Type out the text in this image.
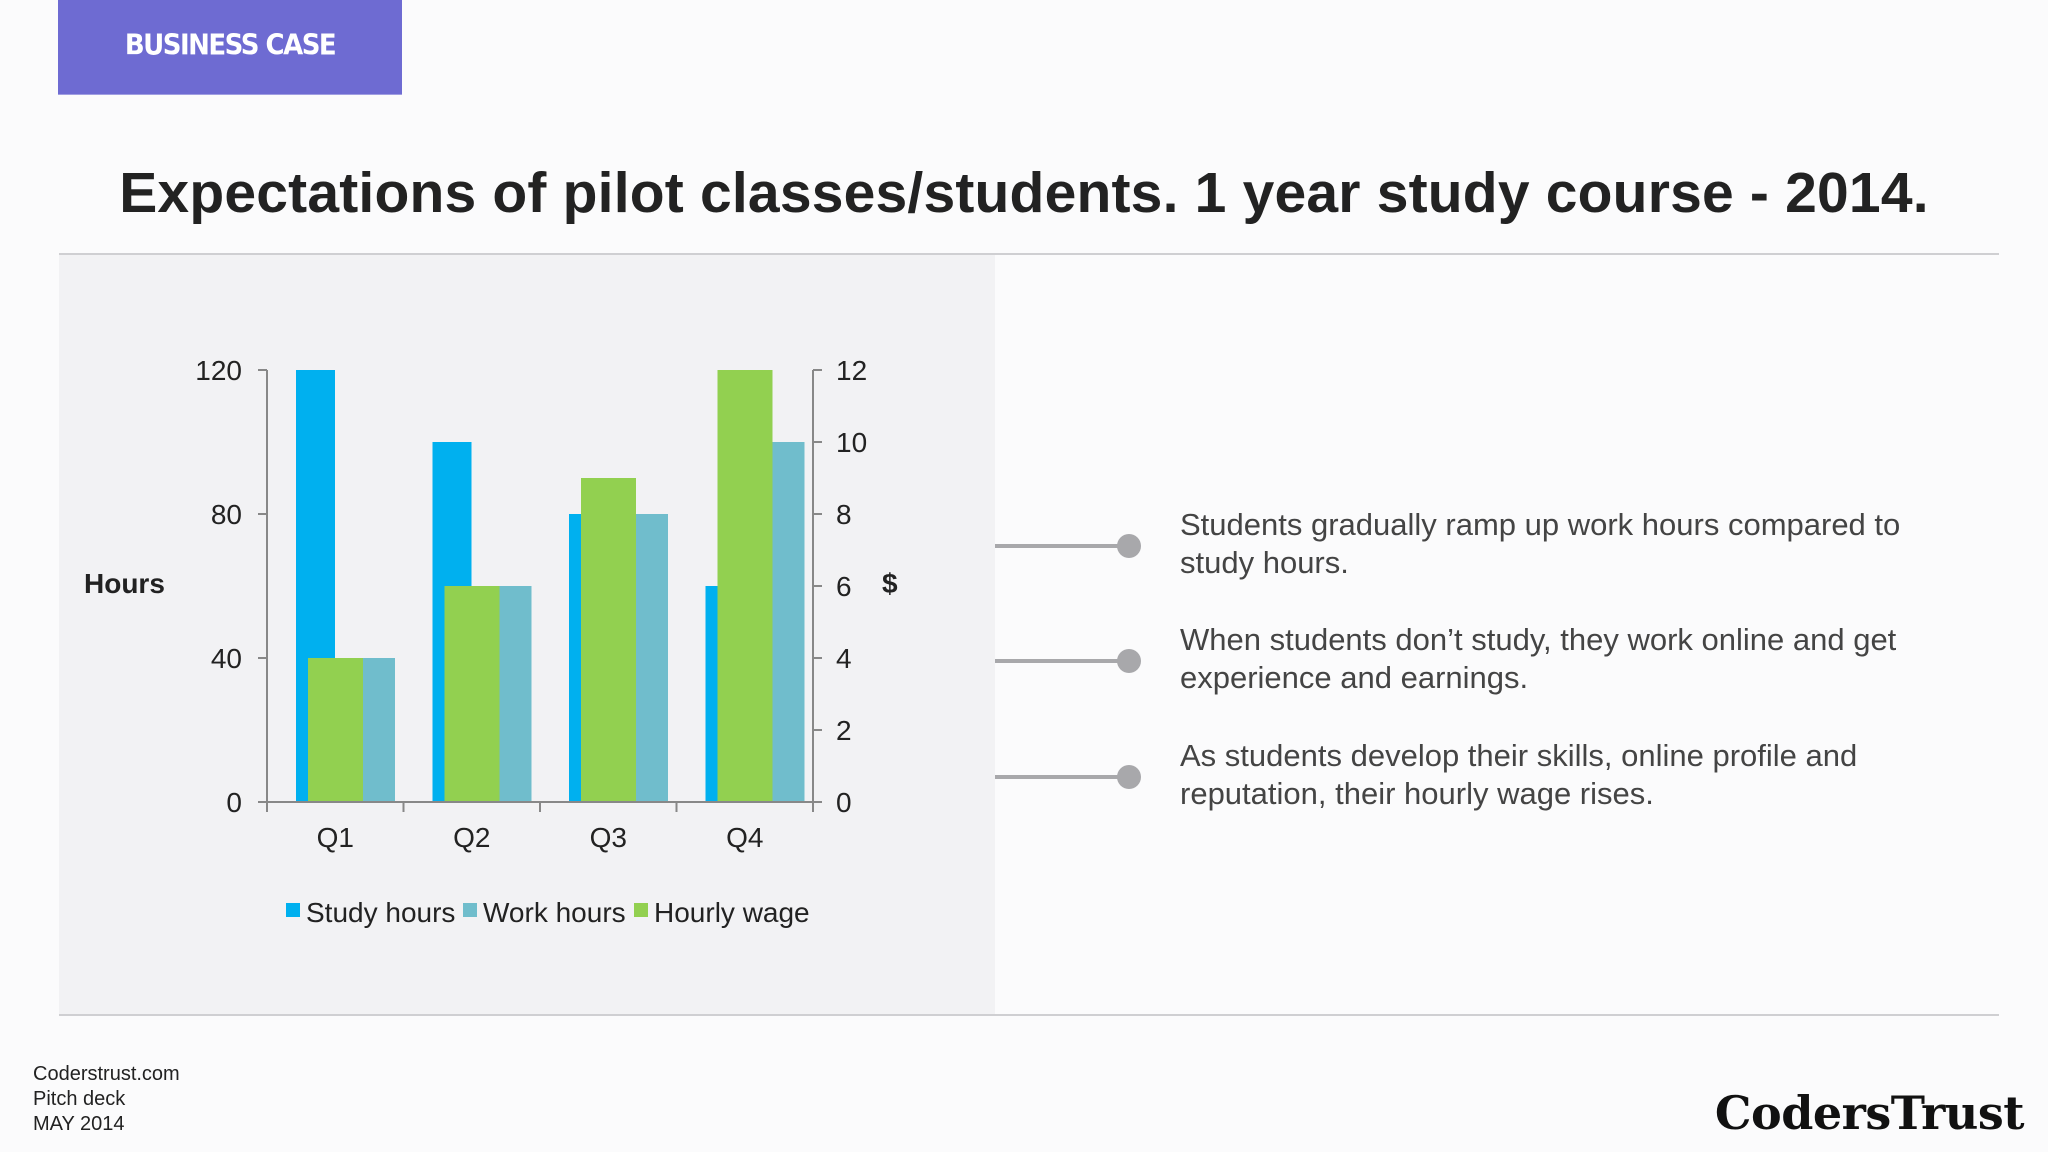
BUSINESS CASE
Expectations of pilot classes/students. 1 year study course - 2014.
0
40
80
120
0
2
4
6
8
10
12
Hours	$
Q1	Q2	Q3	Q4
Study hours Work hours Hourly wage
Students gradually ramp up work hours compared to study hours.
When students don’t study, they work online and get experience and earnings.
As students develop their skills, online profile and reputation, their hourly wage rises.
Coderstrust.com
Pitch deck
MAY 2014	CodersTrust
